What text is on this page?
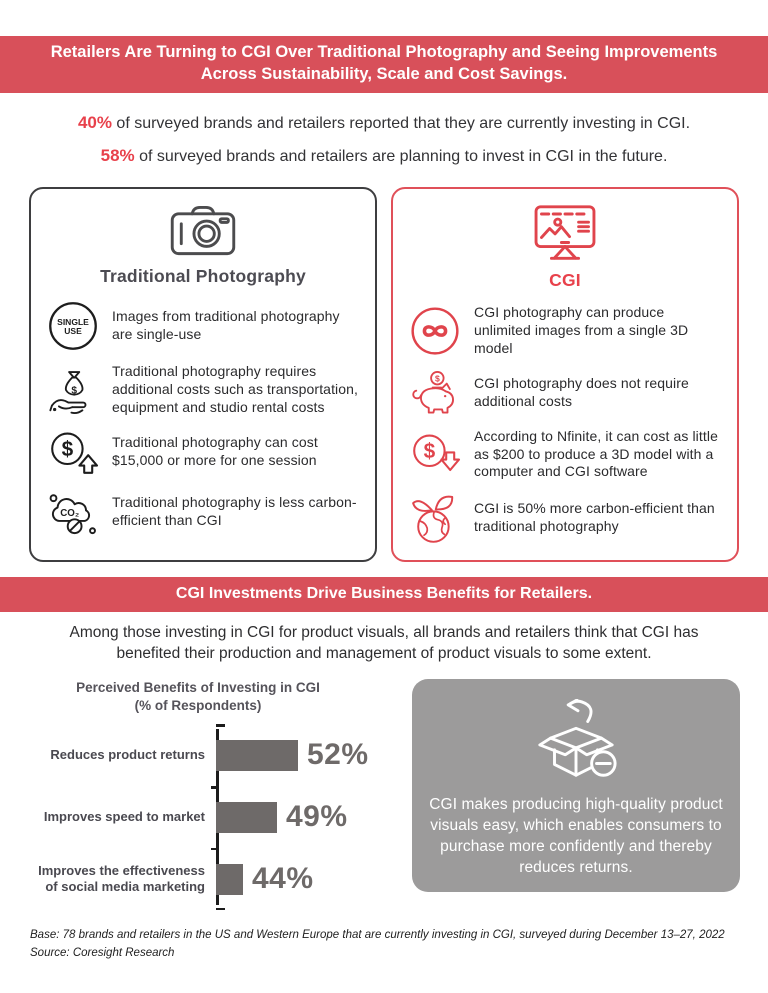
Retailers Are Turning to CGI Over Traditional Photography and Seeing Improvements Across Sustainability, Scale and Cost Savings.
40% of surveyed brands and retailers reported that they are currently investing in CGI.
58% of surveyed brands and retailers are planning to invest in CGI in the future.
Traditional Photography
SINGLE
USE
Images from traditional photography are single-use
$
Traditional photography requires additional costs such as transportation, equipment and studio rental costs
$	Traditional photography can cost $15,000 or more for one session
CO₂
Traditional photography is less carbon-efficient than CGI
CGI
CGI photography can produce unlimited images from a single 3D model
$ CGI photography does not require additional costs
$
According to Nfinite, it can cost as little as $200 to produce a 3D model with a computer and CGI software
CGI is 50% more carbon-efficient than traditional photography
CGI Investments Drive Business Benefits for Retailers.
Among those investing in CGI for product visuals, all brands and retailers think that CGI has benefited their production and management of product visuals to some extent.
Perceived Benefits of Investing in CGI
(% of Respondents)
Reduces product returns	52%
Improves speed to market	49%
Improves the effectiveness of social media marketing	44%
CGI makes producing high-quality product visuals easy, which enables consumers to purchase more confidently and thereby reduces returns.
Base: 78 brands and retailers in the US and Western Europe that are currently investing in CGI, surveyed during December 13–27, 2022
Source: Coresight Research
